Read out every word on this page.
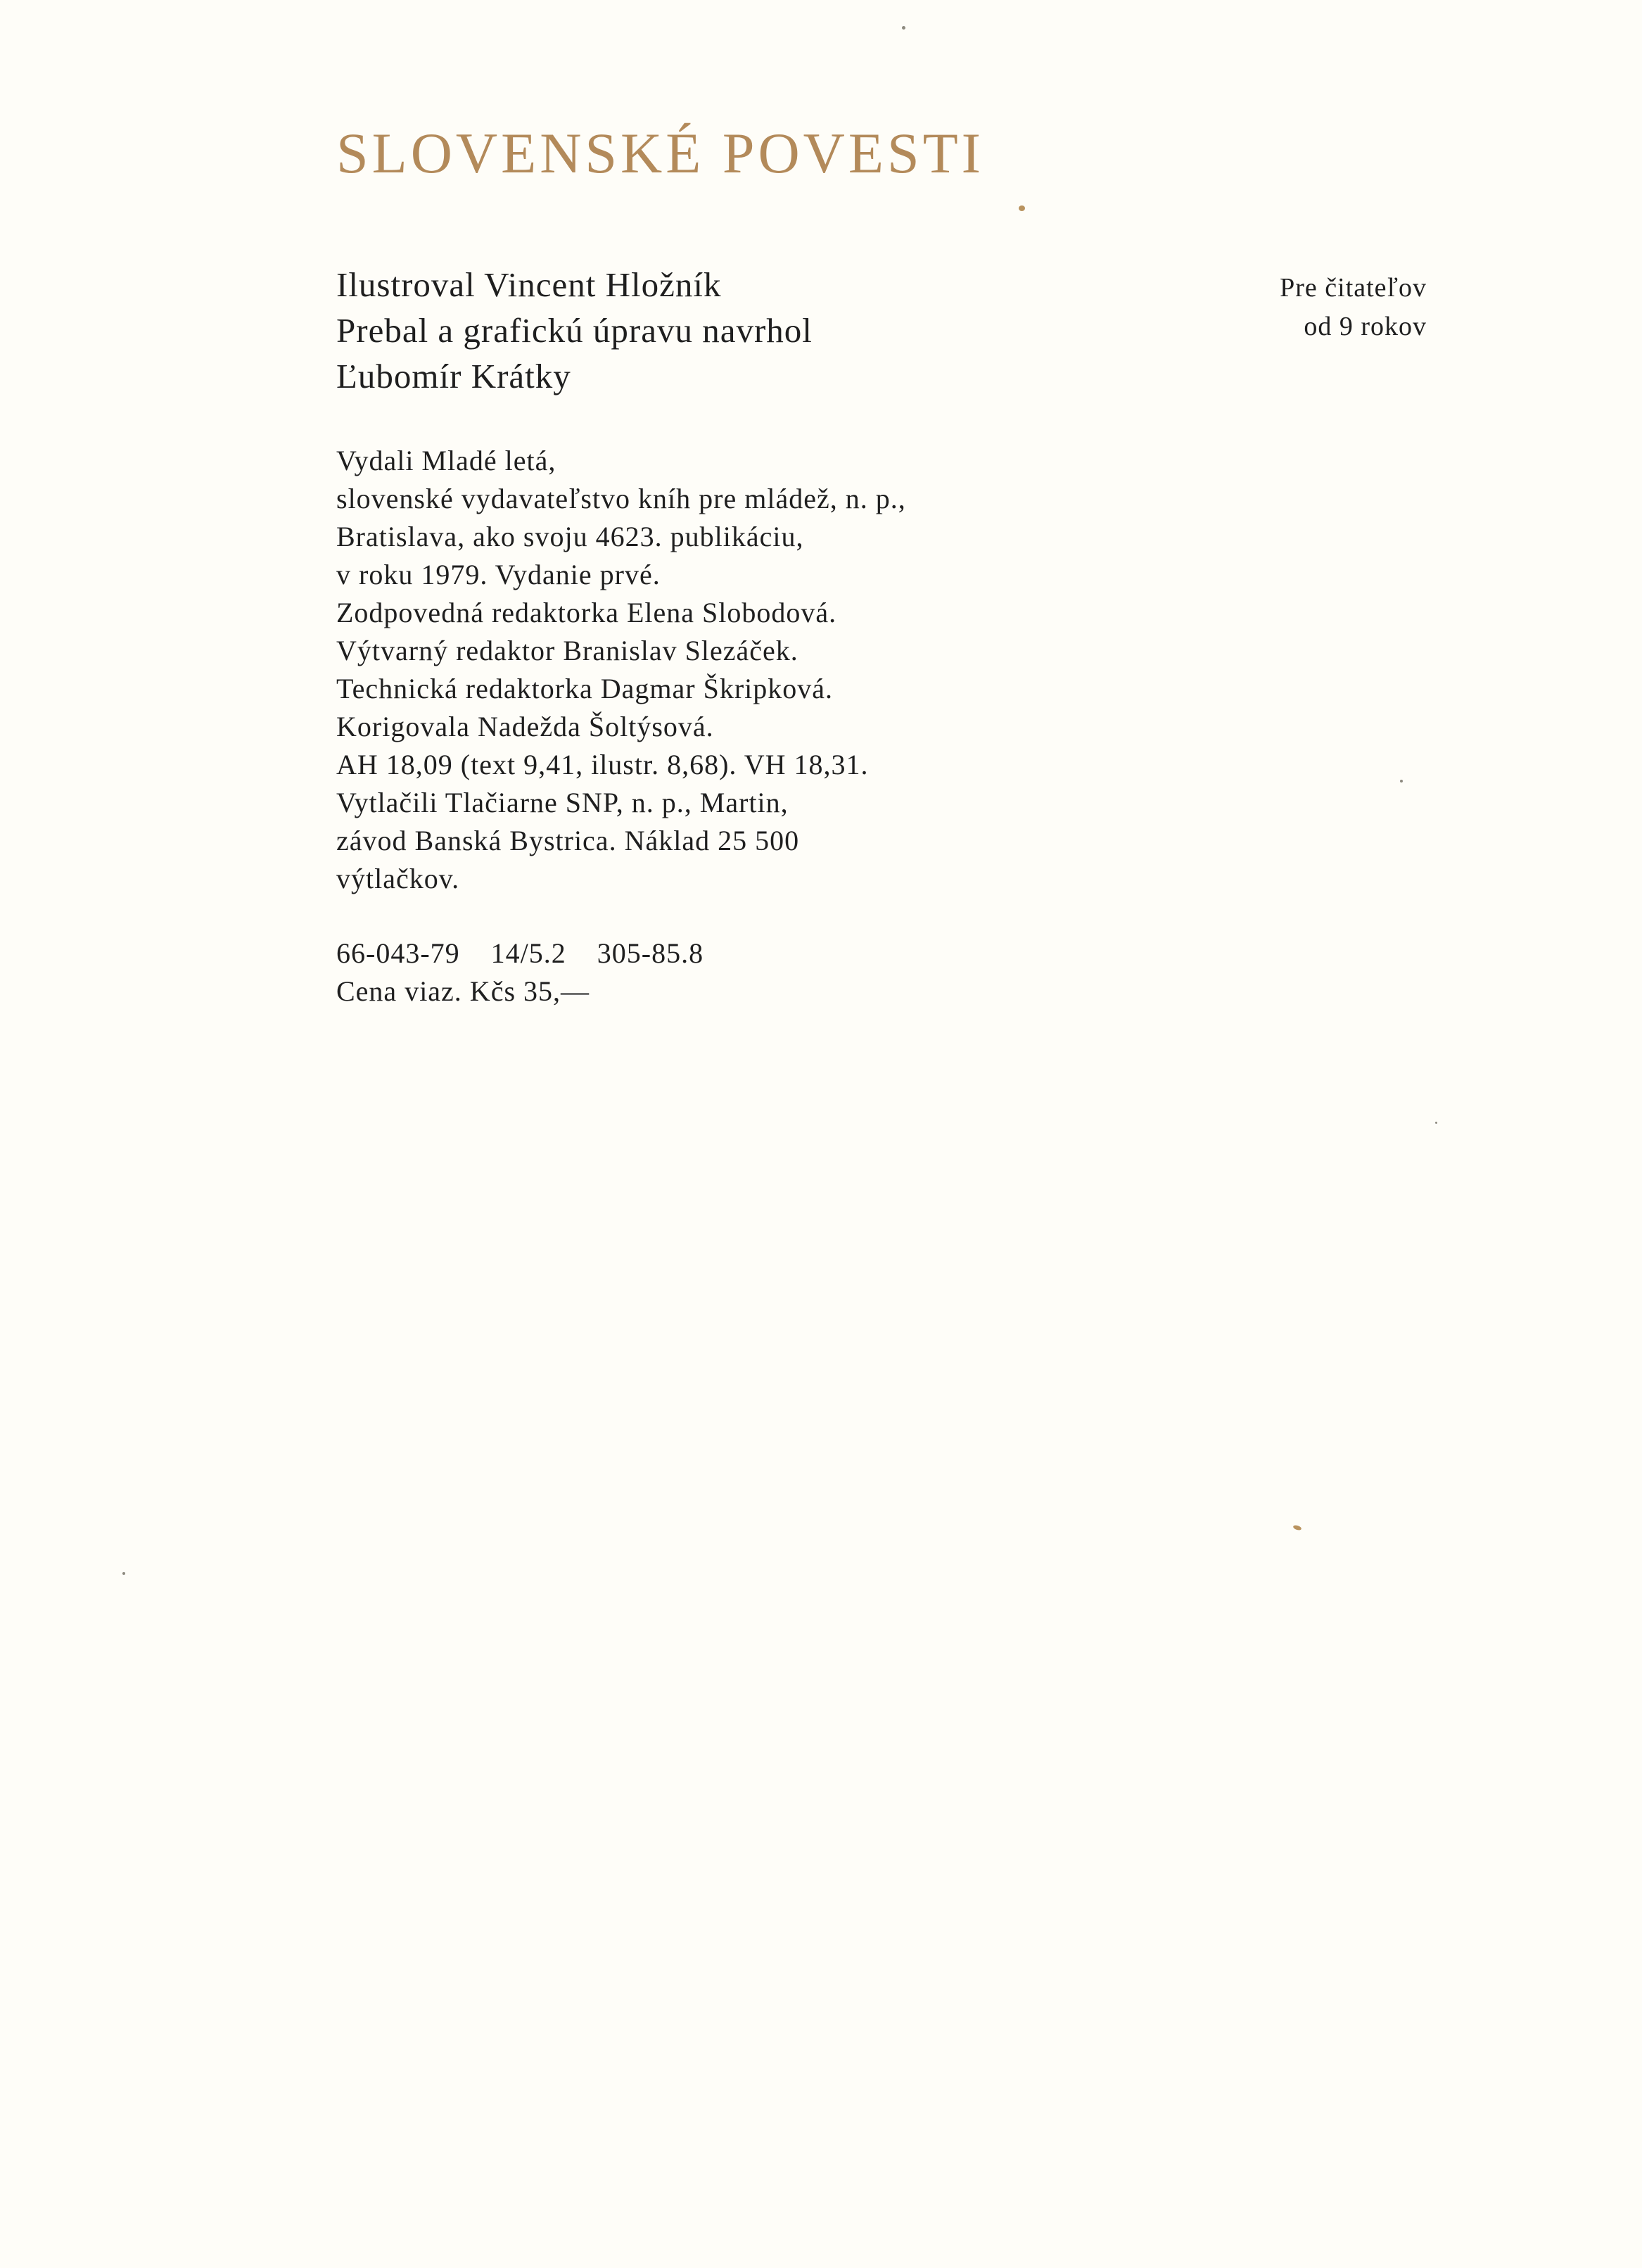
SLOVENSKÉ POVESTI
Ilustroval Vincent Hložník
Prebal a grafickú úpravu navrhol
Ľubomír Krátky
Pre čitateľov
od 9 rokov
Vydali Mladé letá,
slovenské vydavateľstvo kníh pre mládež, n. p.,
Bratislava, ako svoju 4623. publikáciu,
v roku 1979. Vydanie prvé.
Zodpovedná redaktorka Elena Slobodová.
Výtvarný redaktor Branislav Slezáček.
Technická redaktorka Dagmar Škripková.
Korigovala Nadežda Šoltýsová.
AH 18,09 (text 9,41, ilustr. 8,68). VH 18,31.
Vytlačili Tlačiarne SNP, n. p., Martin,
závod Banská Bystrica. Náklad 25 500
výtlačkov.
66-043-79    14/5.2    305-85.8
Cena viaz. Kčs 35,—
